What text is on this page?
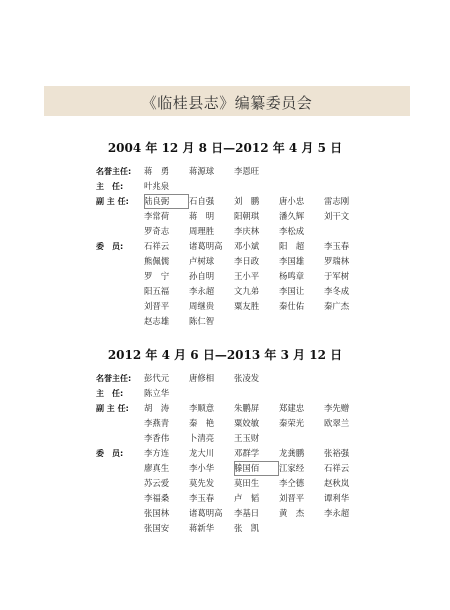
《临桂县志》编纂委员会
2004 年 12 月 8 日—2012 年 4 月 5 日
名誉主任:	蒋　勇	蒋源球	李恩旺
主　任:	叶兆泉
副 主 任:	陆良弼	石自强	刘　鹏	唐小忠	雷志刚
李常荷	蒋　明	阳朝琪	潘久辉	刘干文
罗奇志	周理胜	李庆林	李松成
委　员:	石祥云	诸葛明高	邓小斌	阳　超	李玉春
熊佩儒	卢树球	李日政	李国雄	罗瑞林
罗　宁	孙自明	王小平	杨鸣章	于军树
阳五福	李永超	文九弟	李国让	李冬成
刘晋平	周继贵	粟友胜	秦仕佑	秦广杰
赵志雄	陈仁智
2012 年 4 月 6 日—2013 年 3 月 12 日
名誉主任:	彭代元	唐修相	张凌发
主　任:	陈立华
副 主 任:	胡　涛	李顺意	朱鹏屏	郑建忠	李先赠
李燕青	秦　艳	粟姣敏	秦荣光	欧翠兰
李香伟	卜清亮	王玉财
委　员:	李方连	龙大川	邓群学	龙龚鹏	张裕强
廖真生	李小华	滕国佰	江家经	石祥云
苏云爱	莫先发	莫田生	李仝德	赵秋岚
李福桑	李玉春	卢　韬	刘晋平	谭利华
张国林	诸葛明高	李基日	黄　杰	李永超
张国安	蒋新华	张　凯
